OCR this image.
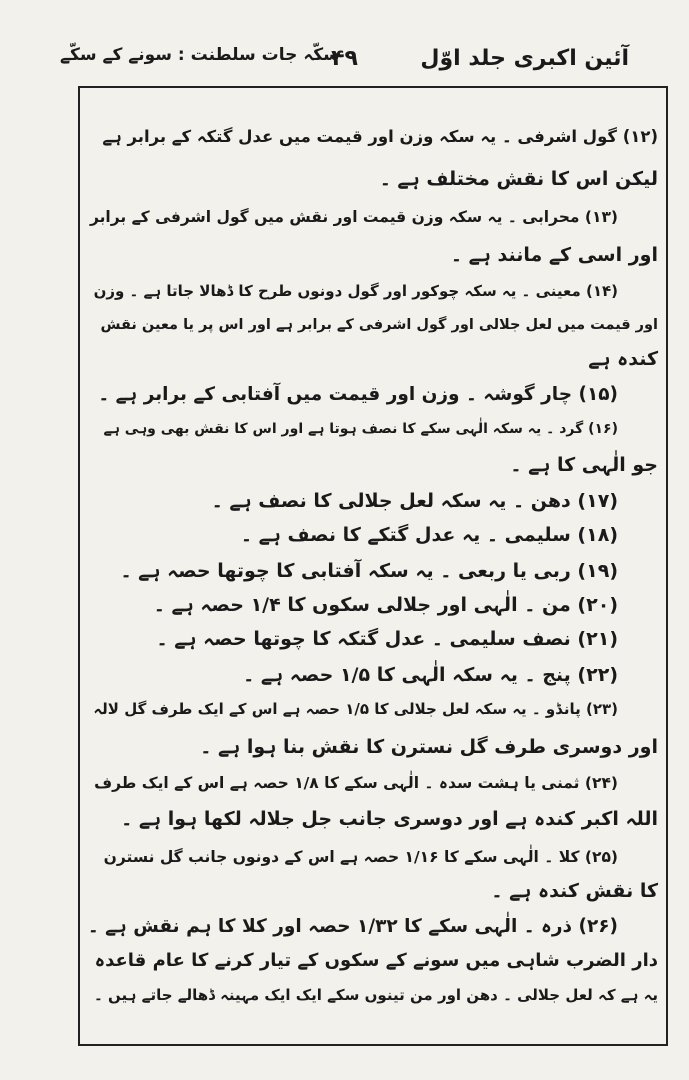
آئین اکبری جلد اوّل
۴۹
سکّہ جات سلطنت : سونے کے سکّے
(۱۲) گول اشرفی ۔ یہ سکہ وزن اور قیمت میں عدل گتکہ کے برابر ہے
لیکن اس کا نقش مختلف ہے ۔
(۱۳) محرابی ۔ یہ سکہ وزن قیمت اور نقش میں گول اشرفی کے برابر
اور اسی کے مانند ہے ۔
(۱۴) معینی ۔ یہ سکہ چوکور اور گول دونوں طرح کا ڈھالا جاتا ہے ۔ وزن
اور قیمت میں لعل جلالی اور گول اشرفی کے برابر ہے اور اس پر یا معین نقش
کندہ ہے
(۱۵) چار گوشہ ۔ وزن اور قیمت میں آفتابی کے برابر ہے ۔
(۱۶) گرد ۔ یہ سکہ الٰہی سکے کا نصف ہوتا ہے اور اس کا نقش بھی وہی ہے
جو الٰہی کا ہے ۔
(۱۷) دھن ۔ یہ سکہ لعل جلالی کا نصف ہے ۔
(۱۸) سلیمی ۔ یہ عدل گتکے کا نصف ہے ۔
(۱۹) ربی یا ربعی ۔ یہ سکہ آفتابی کا چوتھا حصہ ہے ۔
(۲۰) من ۔ الٰہی اور جلالی سکوں کا ۱/۴ حصہ ہے ۔
(۲۱) نصف سلیمی ۔ عدل گتکہ کا چوتھا حصہ ہے ۔
(۲۲) پنج ۔ یہ سکہ الٰہی کا ۱/۵ حصہ ہے ۔
(۲۳) پانڈو ۔ یہ سکہ لعل جلالی کا ۱/۵ حصہ ہے اس کے ایک طرف گل لالہ
اور دوسری طرف گل نسترن کا نقش بنا ہوا ہے ۔
(۲۴) ثمنی یا ہشت سدہ ۔ الٰہی سکے کا ۱/۸ حصہ ہے اس کے ایک طرف
اللہ اکبر کندہ ہے اور دوسری جانب جل جلالہ لکھا ہوا ہے ۔
(۲۵) کلا ۔ الٰہی سکے کا ۱/۱۶ حصہ ہے اس کے دونوں جانب گل نسترن
کا نقش کندہ ہے ۔
(۲۶) ذرہ ۔ الٰہی سکے کا ۱/۳۲ حصہ اور کلا کا ہم نقش ہے ۔
دار الضرب شاہی میں سونے کے سکوں کے تیار کرنے کا عام قاعدہ
یہ ہے کہ لعل جلالی ۔ دھن اور من تینوں سکے ایک ایک مہینہ ڈھالے جاتے ہیں ۔
